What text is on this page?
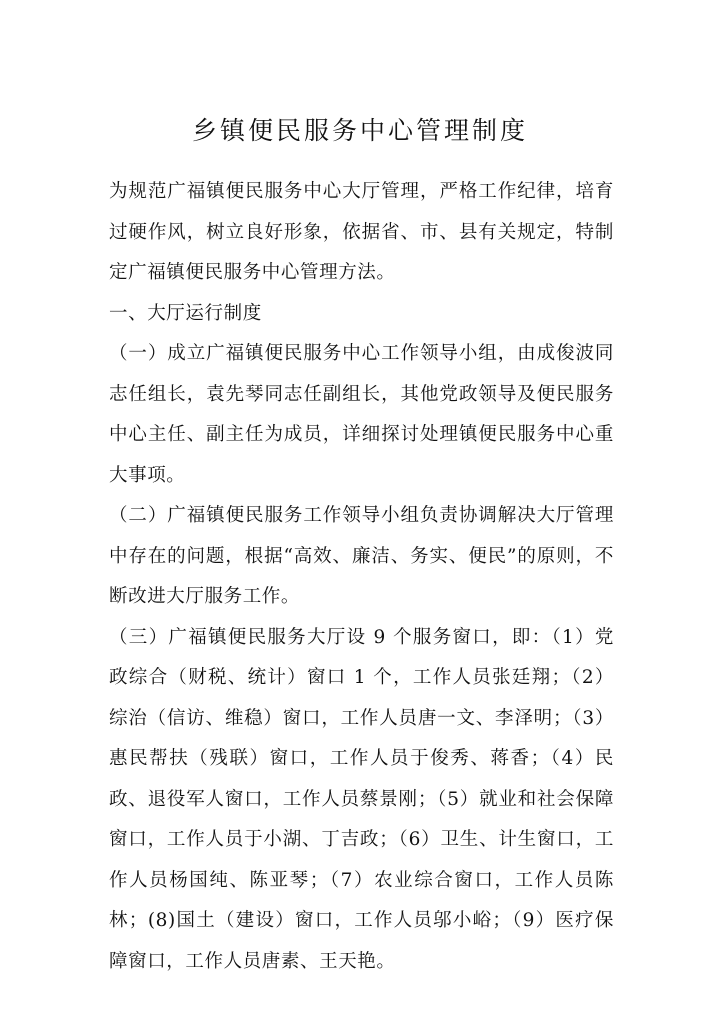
乡镇便民服务中心管理制度

为规范广福镇便民服务中心大厅管理，严格工作纪律，培育过硬作风，树立良好形象，依据省、市、县有关规定，特制定广福镇便民服务中心管理方法。

一、大厅运行制度

（一）成立广福镇便民服务中心工作领导小组，由成俊波同志任组长，袁先琴同志任副组长，其他党政领导及便民服务中心主任、副主任为成员，详细探讨处理镇便民服务中心重大事项。

（二）广福镇便民服务工作领导小组负责协调解决大厅管理中存在的问题，根据“高效、廉洁、务实、便民”的原则，不断改进大厅服务工作。

（三）广福镇便民服务大厅设 9 个服务窗口，即：（1）党政综合（财税、统计）窗口 1 个，工作人员张廷翔；（2）综治（信访、维稳）窗口，工作人员唐一文、李泽明；（3）惠民帮扶（残联）窗口，工作人员于俊秀、蒋香；（4）民政、退役军人窗口，工作人员蔡景刚；（5）就业和社会保障窗口，工作人员于小湖、丁吉政；（6）卫生、计生窗口，工作人员杨国纯、陈亚琴；（7）农业综合窗口，工作人员陈林；(8)国土（建设）窗口，工作人员邬小峪；（9）医疗保障窗口，工作人员唐素、王天艳。
